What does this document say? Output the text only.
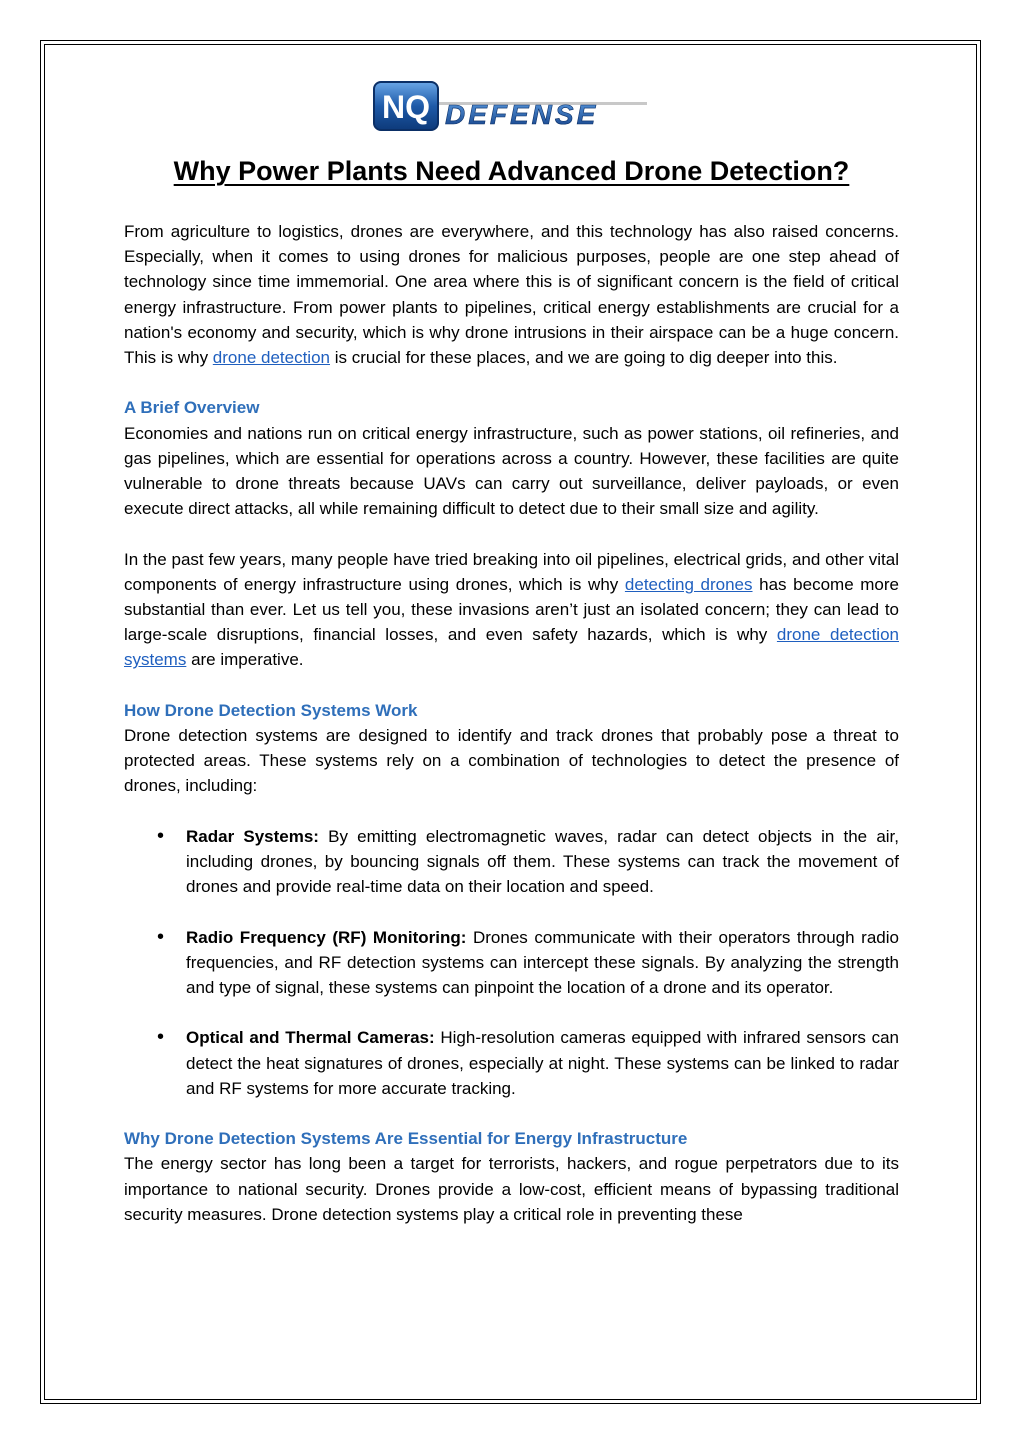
NQ DEFENSE
Why Power Plants Need Advanced Drone Detection?

From agriculture to logistics, drones are everywhere, and this technology has also raised concerns. Especially, when it comes to using drones for malicious purposes, people are one step ahead of technology since time immemorial. One area where this is of significant concern is the field of critical energy infrastructure. From power plants to pipelines, critical energy establishments are crucial for a nation's economy and security, which is why drone intrusions in their airspace can be a huge concern. This is why drone detection is crucial for these places, and we are going to dig deeper into this.

A Brief Overview

Economies and nations run on critical energy infrastructure, such as power stations, oil refineries, and gas pipelines, which are essential for operations across a country. However, these facilities are quite vulnerable to drone threats because UAVs can carry out surveillance, deliver payloads, or even execute direct attacks, all while remaining difficult to detect due to their small size and agility.

In the past few years, many people have tried breaking into oil pipelines, electrical grids, and other vital components of energy infrastructure using drones, which is why detecting drones has become more substantial than ever. Let us tell you, these invasions aren’t just an isolated concern; they can lead to large-scale disruptions, financial losses, and even safety hazards, which is why drone detection systems are imperative.

How Drone Detection Systems Work

Drone detection systems are designed to identify and track drones that probably pose a threat to protected areas. These systems rely on a combination of technologies to detect the presence of drones, including:

• Radar Systems: By emitting electromagnetic waves, radar can detect objects in the air, including drones, by bouncing signals off them. These systems can track the movement of drones and provide real-time data on their location and speed.
• Radio Frequency (RF) Monitoring: Drones communicate with their operators through radio frequencies, and RF detection systems can intercept these signals. By analyzing the strength and type of signal, these systems can pinpoint the location of a drone and its operator.
• Optical and Thermal Cameras: High-resolution cameras equipped with infrared sensors can detect the heat signatures of drones, especially at night. These systems can be linked to radar and RF systems for more accurate tracking.

Why Drone Detection Systems Are Essential for Energy Infrastructure

The energy sector has long been a target for terrorists, hackers, and rogue perpetrators due to its importance to national security. Drones provide a low-cost, efficient means of bypassing traditional security measures. Drone detection systems play a critical role in preventing these
